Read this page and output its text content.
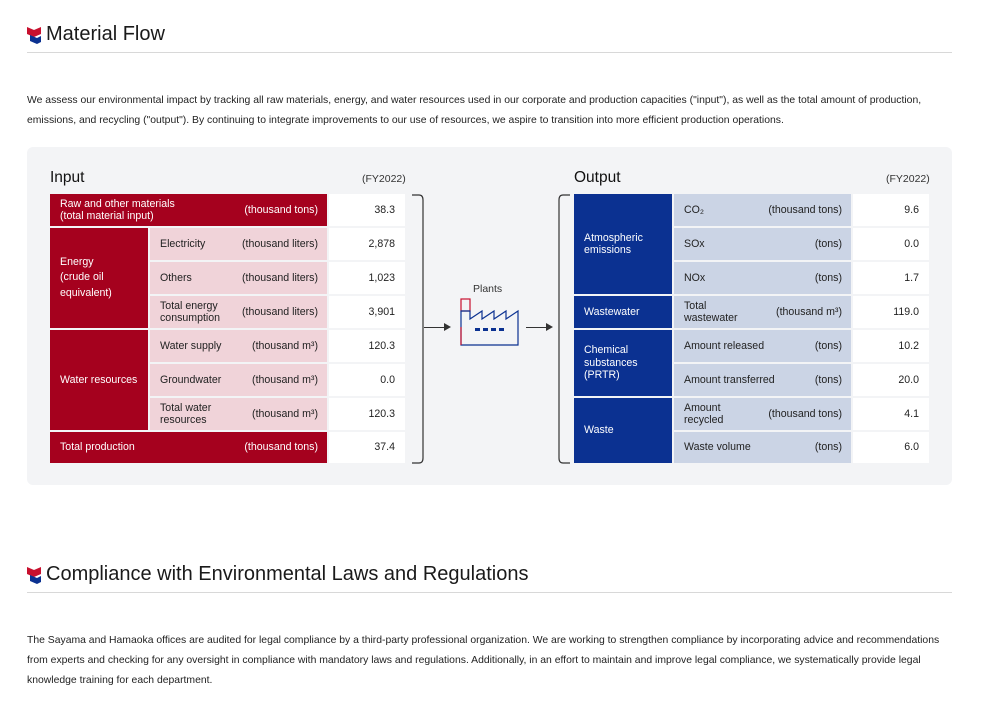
Material Flow

We assess our environmental impact by tracking all raw materials, energy, and water resources used in our corporate and production capacities ("input"), as well as the total amount of production, emissions, and recycling ("output"). By continuing to integrate improvements to our use of resources, we aspire to transition into more efficient production operations.

Input	(FY2022)	Output	(FY2022)
Raw and other materials
(total material input)
(thousand tons)	38.3
Energy
(crude oil
equivalent)
Electricity	(thousand liters)	2,878
Others	(thousand liters)	1,023
Total energy
consumption
(thousand liters)	3,901
Water resources
Water supply	(thousand m³)	120.3
Groundwater	(thousand m³)	0.0
Total water
resources
(thousand m³)	120.3
Total production	(thousand tons)	37.4
Plants
Atmospheric
emissions
CO₂	(thousand tons)	9.6
SOx	(tons)	0.0
NOx	(tons)	1.7
Wastewater
Total
wastewater
(thousand m³)	119.0
Chemical
substances
(PRTR)
Amount released	(tons)	10.2
Amount transferred	(tons)	20.0
Waste
Amount
recycled
(thousand tons)	4.1
Waste volume	(tons)	6.0
Compliance with Environmental Laws and Regulations

The Sayama and Hamaoka offices are audited for legal compliance by a third-party professional organization. We are working to strengthen compliance by incorporating advice and recommendations from experts and checking for any oversight in compliance with mandatory laws and regulations. Additionally, in an effort to maintain and improve legal compliance, we systematically provide legal knowledge training for each department.
